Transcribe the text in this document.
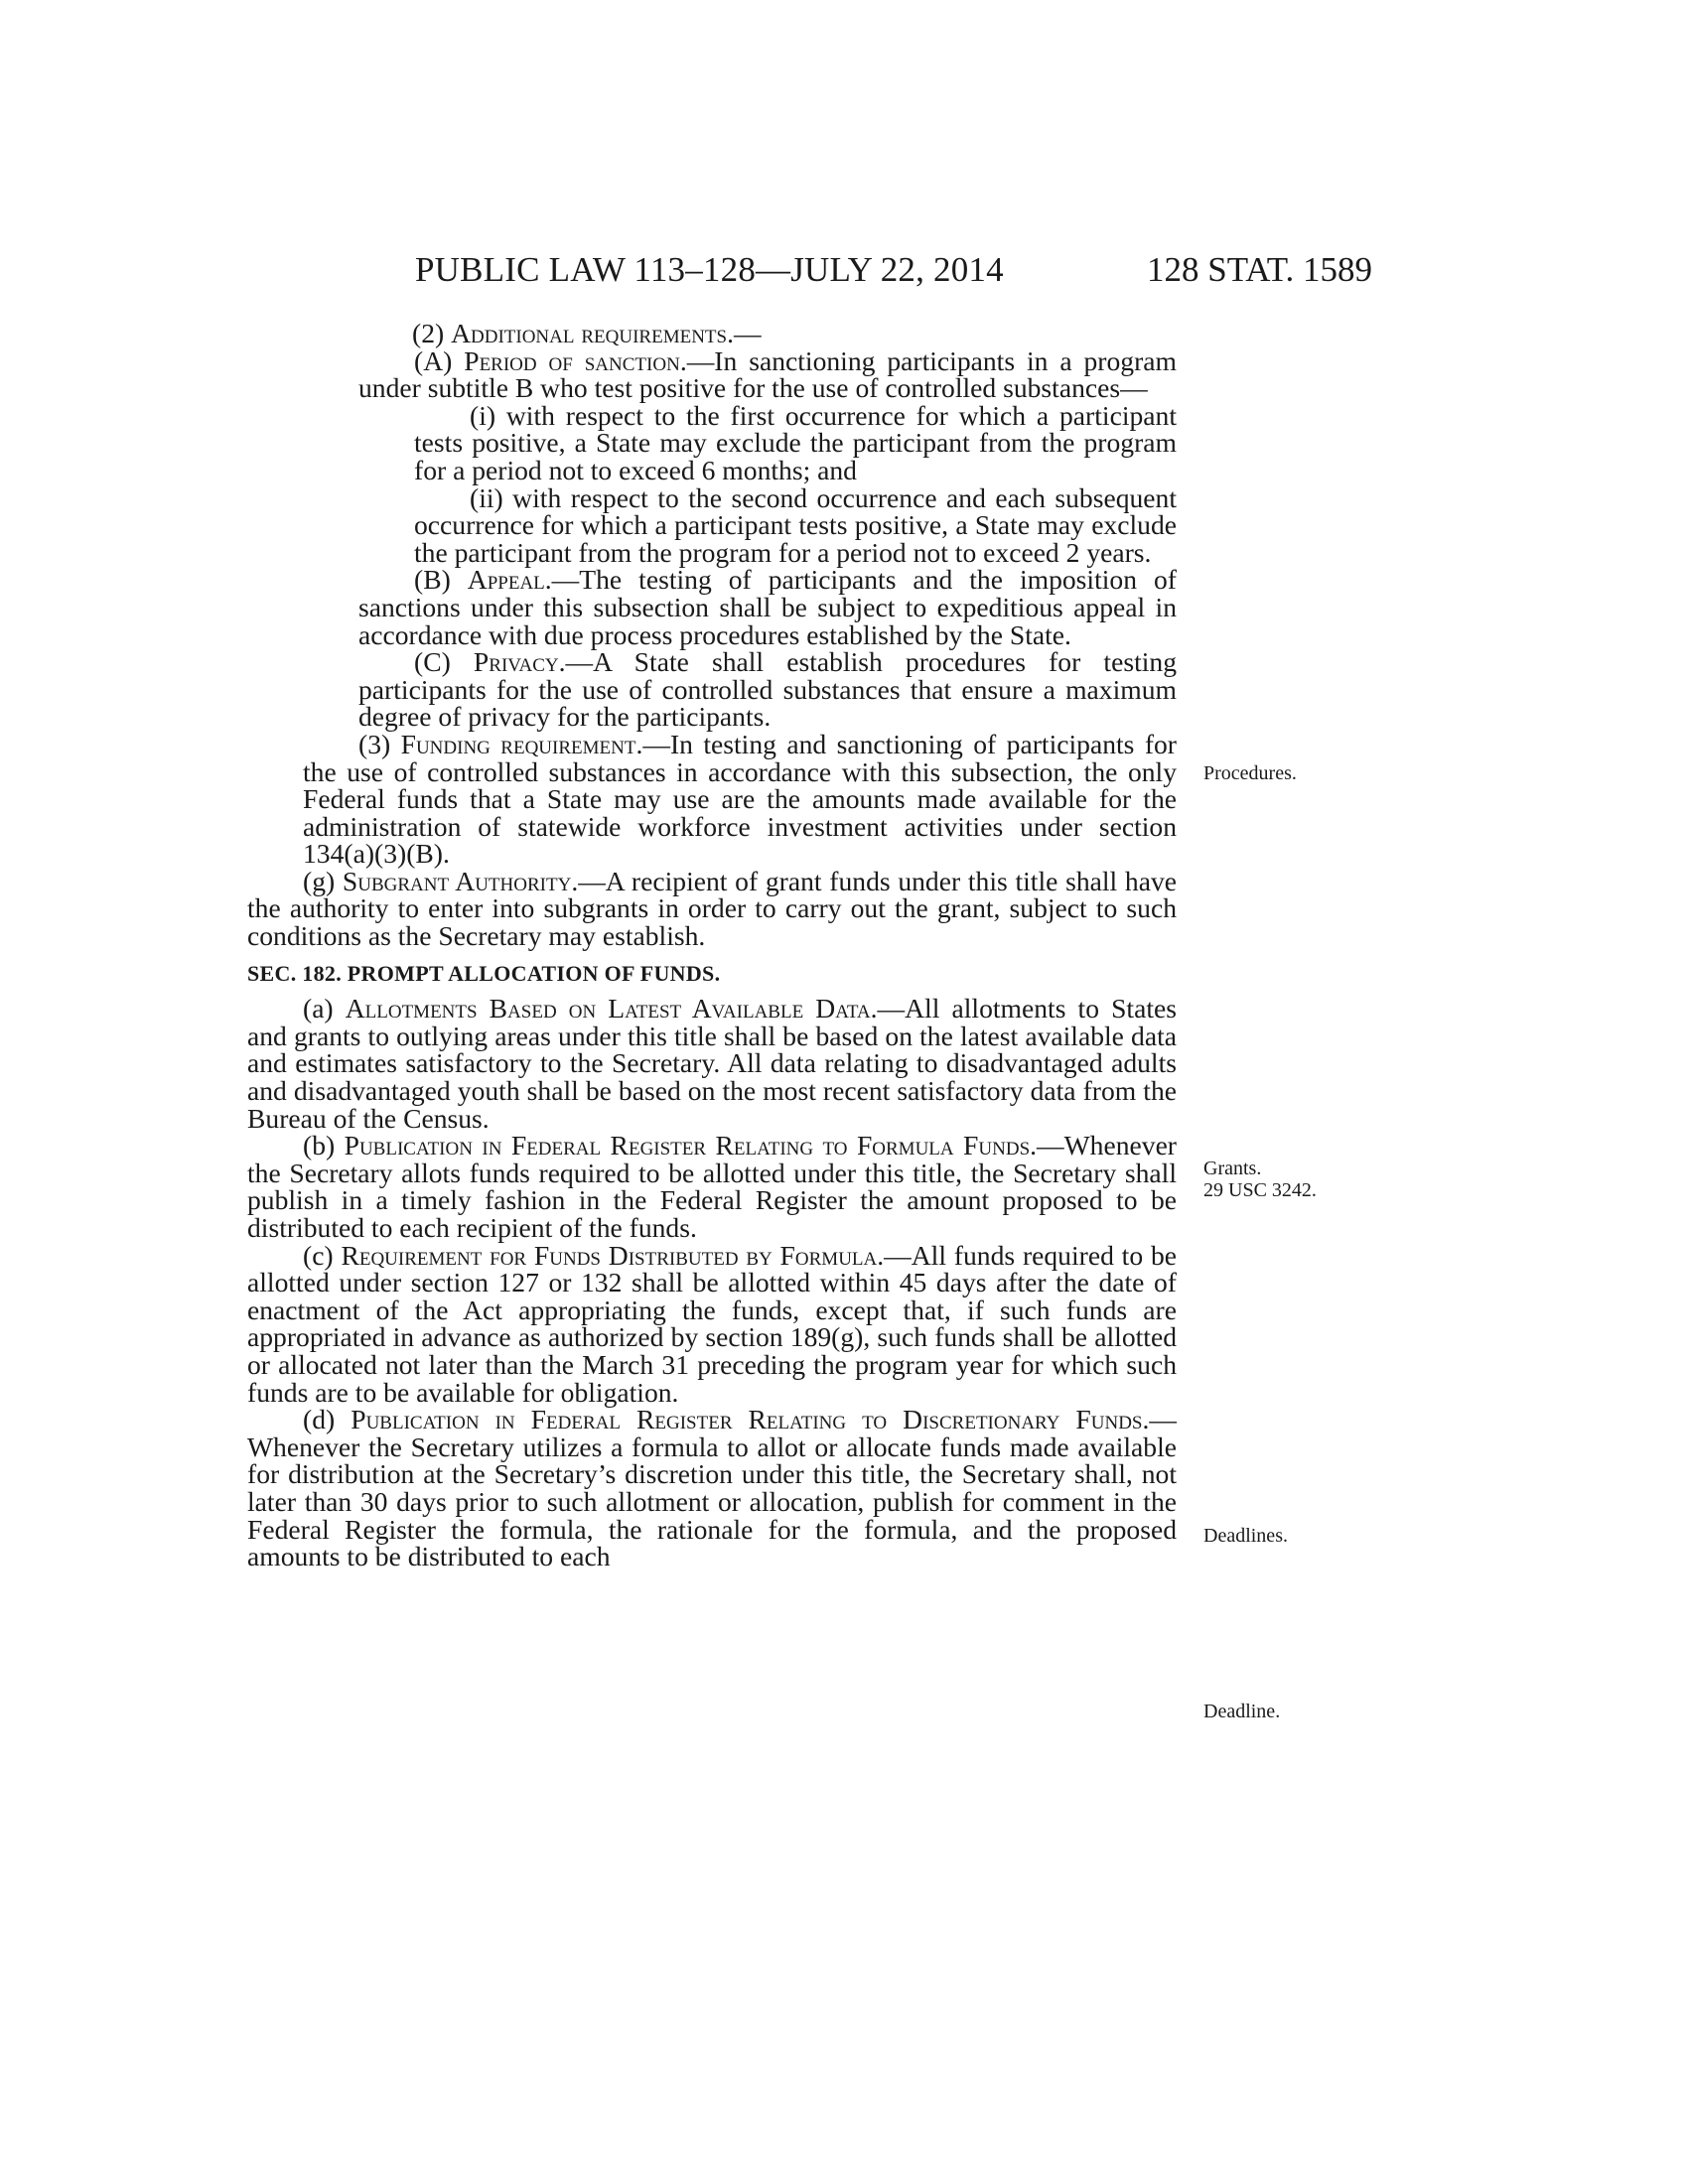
PUBLIC LAW 113–128—JULY 22, 2014	128 STAT. 1589

(2) Additional requirements.—

(A) Period of sanction.—In sanctioning participants in a program under subtitle B who test positive for the use of controlled substances—

(i) with respect to the first occurrence for which a participant tests positive, a State may exclude the participant from the program for a period not to exceed 6 months; and

(ii) with respect to the second occurrence and each subsequent occurrence for which a participant tests positive, a State may exclude the participant from the program for a period not to exceed 2 years.

(B) Appeal.—The testing of participants and the imposition of sanctions under this subsection shall be subject to expeditious appeal in accordance with due process procedures established by the State.

(C) Privacy.—A State shall establish procedures for testing participants for the use of controlled substances that ensure a maximum degree of privacy for the participants.

(3) Funding requirement.—In testing and sanctioning of participants for the use of controlled substances in accordance with this subsection, the only Federal funds that a State may use are the amounts made available for the administration of statewide workforce investment activities under section 134(a)(3)(B).

(g) Subgrant Authority.—A recipient of grant funds under this title shall have the authority to enter into subgrants in order to carry out the grant, subject to such conditions as the Secretary may establish.

SEC. 182. PROMPT ALLOCATION OF FUNDS.

(a) Allotments Based on Latest Available Data.—All allotments to States and grants to outlying areas under this title shall be based on the latest available data and estimates satisfactory to the Secretary. All data relating to disadvantaged adults and disadvantaged youth shall be based on the most recent satisfactory data from the Bureau of the Census.

(b) Publication in Federal Register Relating to Formula Funds.—Whenever the Secretary allots funds required to be allotted under this title, the Secretary shall publish in a timely fashion in the Federal Register the amount proposed to be distributed to each recipient of the funds.

(c) Requirement for Funds Distributed by Formula.—All funds required to be allotted under section 127 or 132 shall be allotted within 45 days after the date of enactment of the Act appropriating the funds, except that, if such funds are appropriated in advance as authorized by section 189(g), such funds shall be allotted or allocated not later than the March 31 preceding the program year for which such funds are to be available for obligation.

(d) Publication in Federal Register Relating to Discretionary Funds.—Whenever the Secretary utilizes a formula to allot or allocate funds made available for distribution at the Secretary’s discretion under this title, the Secretary shall, not later than 30 days prior to such allotment or allocation, publish for comment in the Federal Register the formula, the rationale for the formula, and the proposed amounts to be distributed to each

Procedures.
Grants.
29 USC 3242.
Deadlines.
Deadline.
